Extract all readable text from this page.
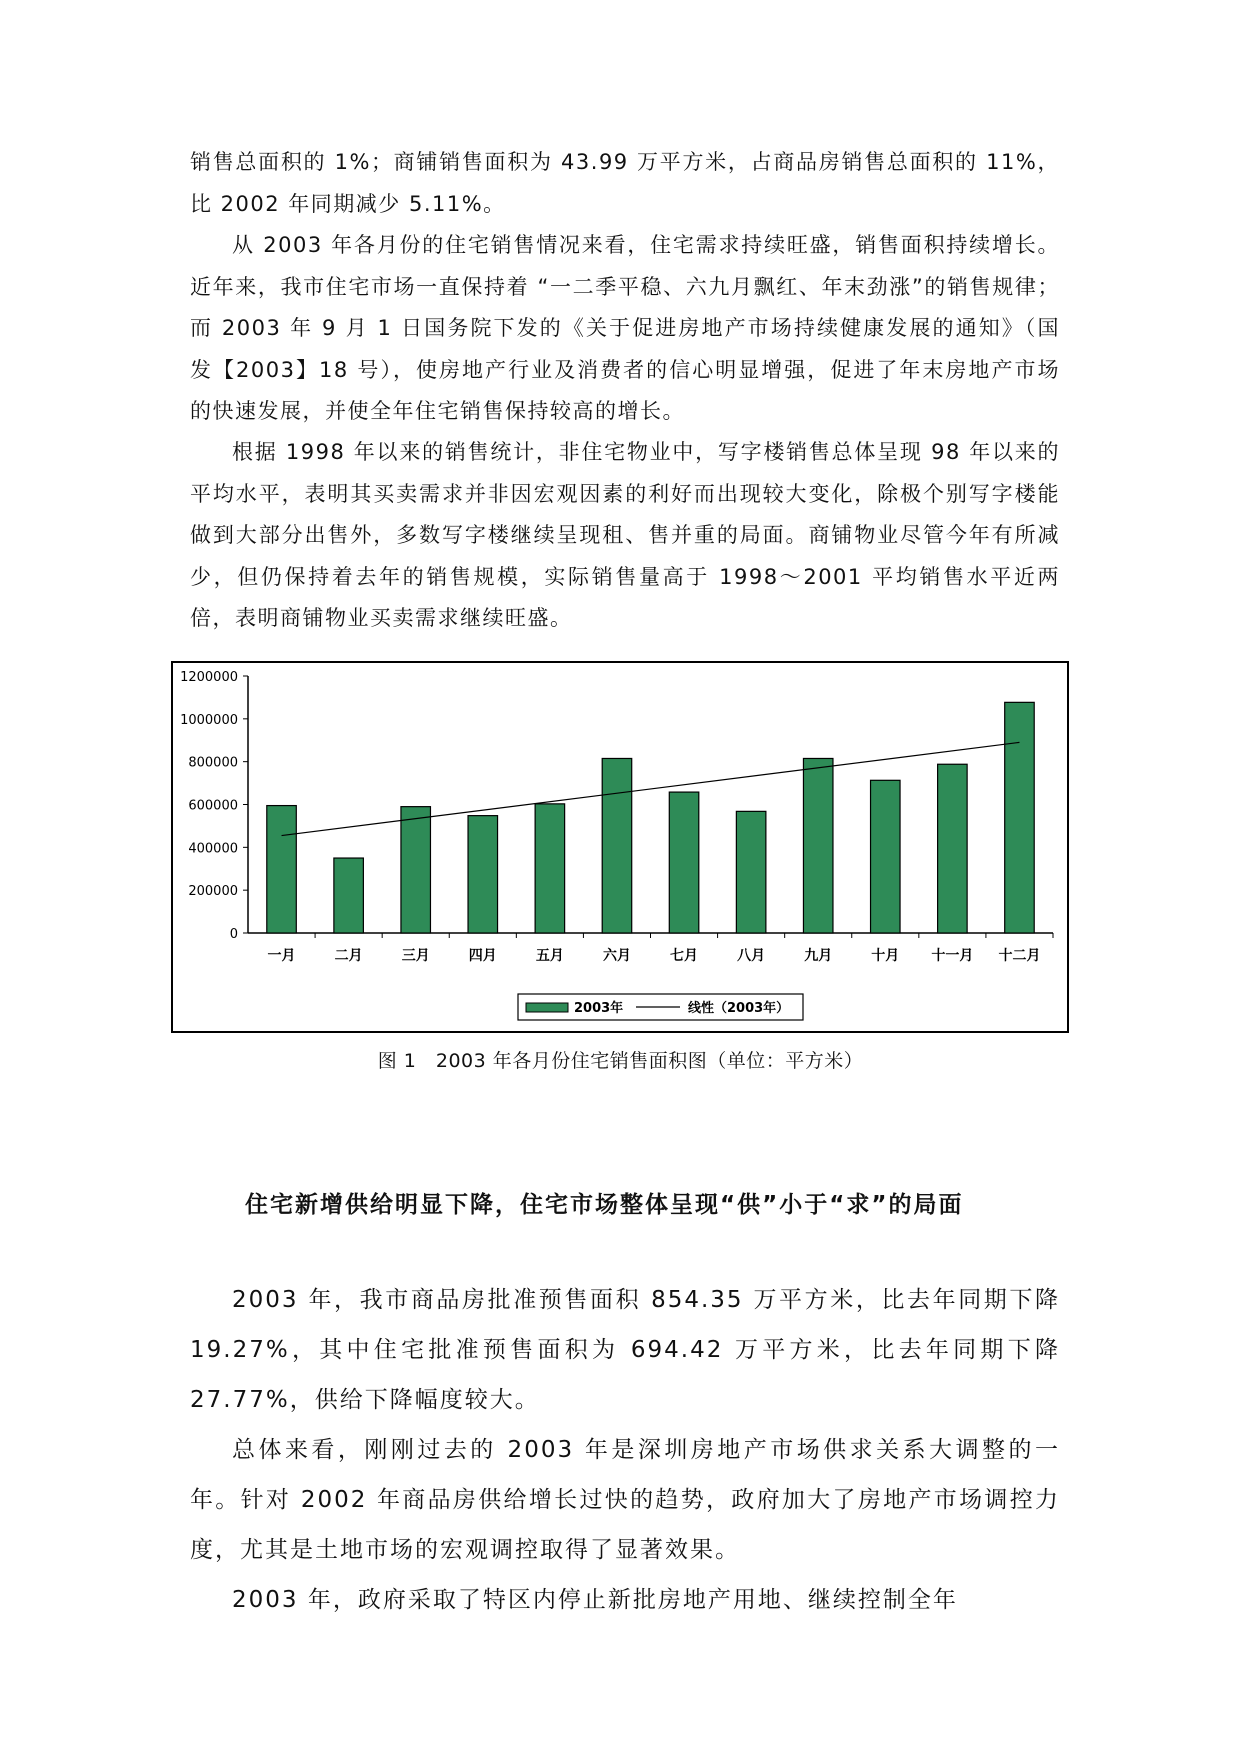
销售总面积的 1%；商铺销售面积为 43.99 万平方米，占商品房销售总面积的 11%，比 2002 年同期减少 5.11%。

从 2003 年各月份的住宅销售情况来看，住宅需求持续旺盛，销售面积持续增长。近年来，我市住宅市场一直保持着 “一二季平稳、六九月飘红、年末劲涨”的销售规律；而 2003 年 9 月 1 日国务院下发的《关于促进房地产市场持续健康发展的通知》（国发【2003】18 号），使房地产行业及消费者的信心明显增强，促进了年末房地产市场的快速发展，并使全年住宅销售保持较高的增长。

根据 1998 年以来的销售统计，非住宅物业中，写字楼销售总体呈现 98 年以来的平均水平，表明其买卖需求并非因宏观因素的利好而出现较大变化，除极个别写字楼能做到大部分出售外，多数写字楼继续呈现租、售并重的局面。商铺物业尽管今年有所减少，但仍保持着去年的销售规模，实际销售量高于 1998～2001 平均销售水平近两倍，表明商铺物业买卖需求继续旺盛。

0
200000
400000
600000
800000
1000000
1200000
一月	二月	三月	四月	五月	六月	七月	八月	九月	十月 十一月 十二月
2003年	线性（2003年）
图 1　2003 年各月份住宅销售面积图（单位：平方米）

住宅新增供给明显下降，住宅市场整体呈现“供”小于“求”的局面

2003 年，我市商品房批准预售面积 854.35 万平方米，比去年同期下降 19.27%，其中住宅批准预售面积为 694.42 万平方米，比去年同期下降 27.77%，供给下降幅度较大。

总体来看，刚刚过去的 2003 年是深圳房地产市场供求关系大调整的一年。针对 2002 年商品房供给增长过快的趋势，政府加大了房地产市场调控力度，尤其是土地市场的宏观调控取得了显著效果。

2003 年，政府采取了特区内停止新批房地产用地、继续控制全年
